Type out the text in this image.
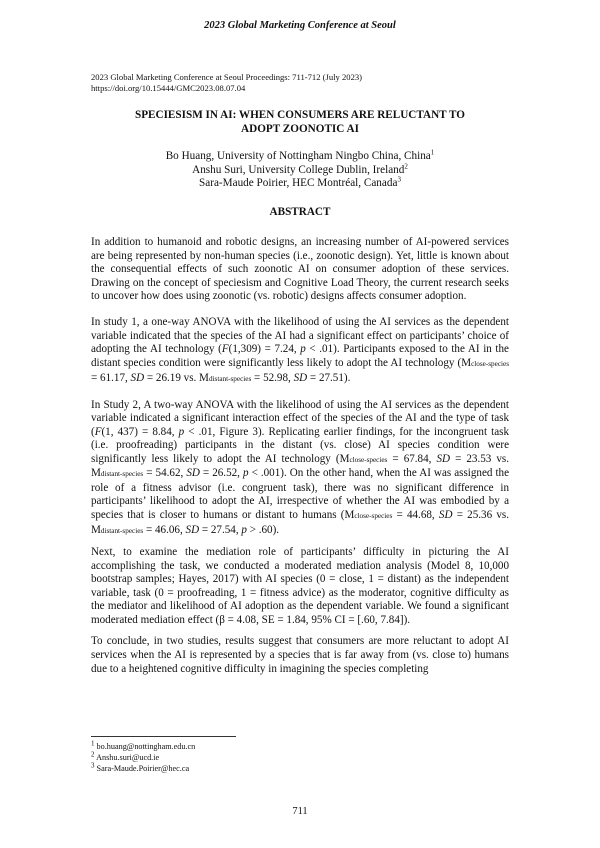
2023 Global Marketing Conference at Seoul
2023 Global Marketing Conference at Seoul Proceedings: 711-712 (July 2023)
https://doi.org/10.15444/GMC2023.08.07.04
SPECIESISM IN AI: WHEN CONSUMERS ARE RELUCTANT TO
ADOPT ZOONOTIC AI
Bo Huang, University of Nottingham Ningbo China, China$^1$
Anshu Suri, University College Dublin, Ireland$^2$
Sara-Maude Poirier, HEC Montréal, Canada$^3$
ABSTRACT

In addition to humanoid and robotic designs, an increasing number of AI-powered services are being represented by non-human species (i.e., zoonotic design). Yet, little is known about the consequential effects of such zoonotic AI on consumer adoption of these services. Drawing on the concept of speciesism and Cognitive Load Theory, the current research seeks to uncover how does using zoonotic (vs. robotic) designs affects consumer adoption.

In study 1, a one-way ANOVA with the likelihood of using the AI services as the dependent variable indicated that the species of the AI had a significant effect on participants’ choice of adopting the AI technology (F(1,309) = 7.24, p < .01). Participants exposed to the AI in the distant species condition were significantly less likely to adopt the AI technology (Mclose-species = 61.17, SD = 26.19 vs. Mdistant-species = 52.98, SD = 27.51).

In Study 2, A two-way ANOVA with the likelihood of using the AI services as the dependent variable indicated a significant interaction effect of the species of the AI and the type of task (F(1, 437) = 8.84, p < .01, Figure 3). Replicating earlier findings, for the incongruent task (i.e. proofreading) participants in the distant (vs. close) AI species condition were significantly less likely to adopt the AI technology (Mclose-species = 67.84, SD = 23.53 vs. Mdistant-species = 54.62, SD = 26.52, p < .001). On the other hand, when the AI was assigned the role of a fitness advisor (i.e. congruent task), there was no significant difference in participants’ likelihood to adopt the AI, irrespective of whether the AI was embodied by a species that is closer to humans or distant to humans (Mclose-species = 44.68, SD = 25.36 vs. Mdistant-species = 46.06, SD = 27.54, p > .60).

Next, to examine the mediation role of participants’ difficulty in picturing the AI accomplishing the task, we conducted a moderated mediation analysis (Model 8, 10,000 bootstrap samples; Hayes, 2017) with AI species (0 = close, 1 = distant) as the independent variable, task (0 = proofreading, 1 = fitness advice) as the moderator, cognitive difficulty as the mediator and likelihood of AI adoption as the dependent variable. We found a significant moderated mediation effect (β = 4.08, SE = 1.84, 95% CI = [.60, 7.84]).

To conclude, in two studies, results suggest that consumers are more reluctant to adopt AI services when the AI is represented by a species that is far away from (vs. close to) humans due to a heightened cognitive difficulty in imagining the species completing

$^1$ bo.huang@nottingham.edu.cn
$^2$ Anshu.suri@ucd.ie
$^3$ Sara-Maude.Poirier@hec.ca
711
